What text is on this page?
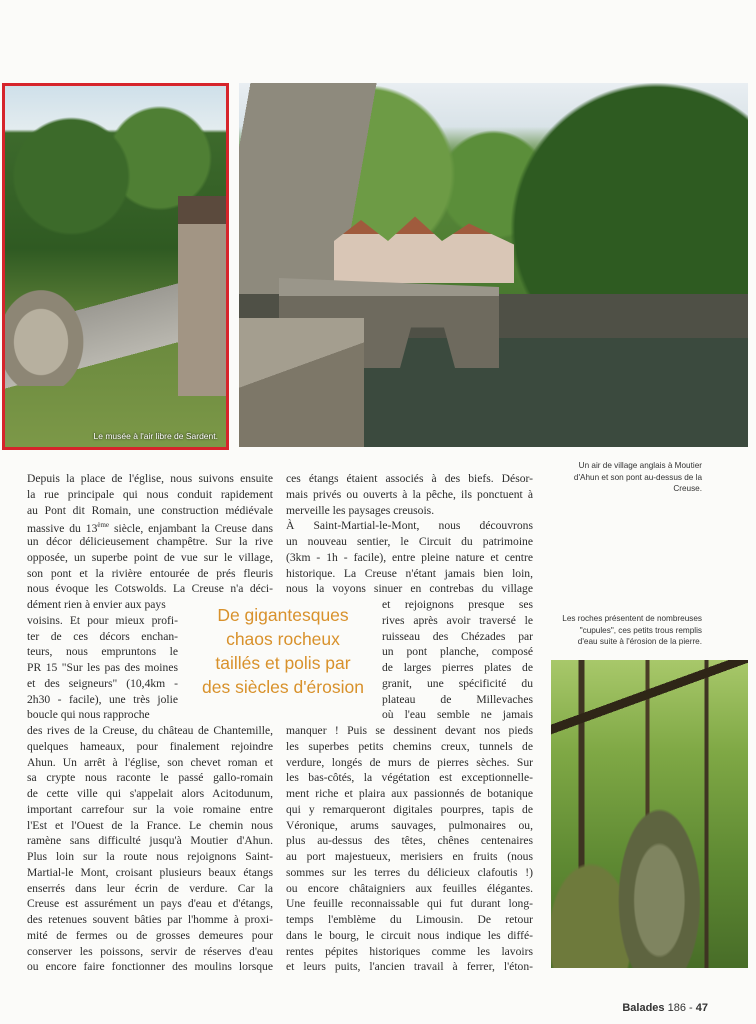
Le musée à l'air libre de Sardent.
Un air de village anglais à Moutier
d'Ahun et son pont au-dessus de la
Creuse.
Les roches présentent de nombreuses
"cupules", ces petits trous remplis
d'eau suite à l'érosion de la pierre.
De gigantesques
chaos rocheux
taillés et polis par
des siècles d'érosion
Depuis la place de l'église, nous suivons ensuite
la rue principale qui nous conduit rapidement
au Pont dit Romain, une construction médiévale
massive du 13ème siècle, enjambant la Creuse dans
un décor délicieusement champêtre. Sur la rive
opposée, un superbe point de vue sur le village,
son pont et la rivière entourée de prés fleuris
nous évoque les Cotswolds. La Creuse n'a déci-
dément rien à envier aux pays
voisins. Et pour mieux profi-
ter de ces décors enchan-
teurs, nous empruntons le
PR 15 "Sur les pas des moines
et des seigneurs" (10,4km -
2h30 - facile), une très jolie
boucle qui nous rapproche
des rives de la Creuse, du château de Chantemille,
quelques hameaux, pour finalement rejoindre
Ahun. Un arrêt à l'église, son chevet roman et
sa crypte nous raconte le passé gallo-romain
de cette ville qui s'appelait alors Acitodunum,
important carrefour sur la voie romaine entre
l'Est et l'Ouest de la France. Le chemin nous
ramène sans difficulté jusqu'à Moutier d'Ahun.
Plus loin sur la route nous rejoignons Saint-
Martial-le Mont, croisant plusieurs beaux étangs
enserrés dans leur écrin de verdure. Car la
Creuse est assurément un pays d'eau et d'étangs,
des retenues souvent bâties par l'homme à proxi-
mité de fermes ou de grosses demeures pour
conserver les poissons, servir de réserves d'eau
ou encore faire fonctionner des moulins lorsque
ces étangs étaient associés à des biefs. Désor-
mais privés ou ouverts à la pêche, ils ponctuent à
merveille les paysages creusois.
À Saint-Martial-le-Mont, nous découvrons
un nouveau sentier, le Circuit du patrimoine
(3km - 1h - facile), entre pleine nature et centre
historique. La Creuse n'étant jamais bien loin,
nous la voyons sinuer en contrebas du village
et rejoignons presque ses
rives après avoir traversé le
ruisseau des Chézades par
un pont planche, composé
de larges pierres plates de
granit, une spécificité du
plateau de Millevaches
où l'eau semble ne jamais
manquer ! Puis se dessinent devant nos pieds
les superbes petits chemins creux, tunnels de
verdure, longés de murs de pierres sèches. Sur
les bas-côtés, la végétation est exceptionnelle-
ment riche et plaira aux passionnés de botanique
qui y remarqueront digitales pourpres, tapis de
Véronique, arums sauvages, pulmonaires ou,
plus au-dessus des têtes, chênes centenaires
au port majestueux, merisiers en fruits (nous
sommes sur les terres du délicieux clafoutis !)
ou encore châtaigniers aux feuilles élégantes.
Une feuille reconnaissable qui fut durant long-
temps l'emblème du Limousin. De retour
dans le bourg, le circuit nous indique les diffé-
rentes pépites historiques comme les lavoirs
et leurs puits, l'ancien travail à ferrer, l'éton-
Balades 186 - 47
